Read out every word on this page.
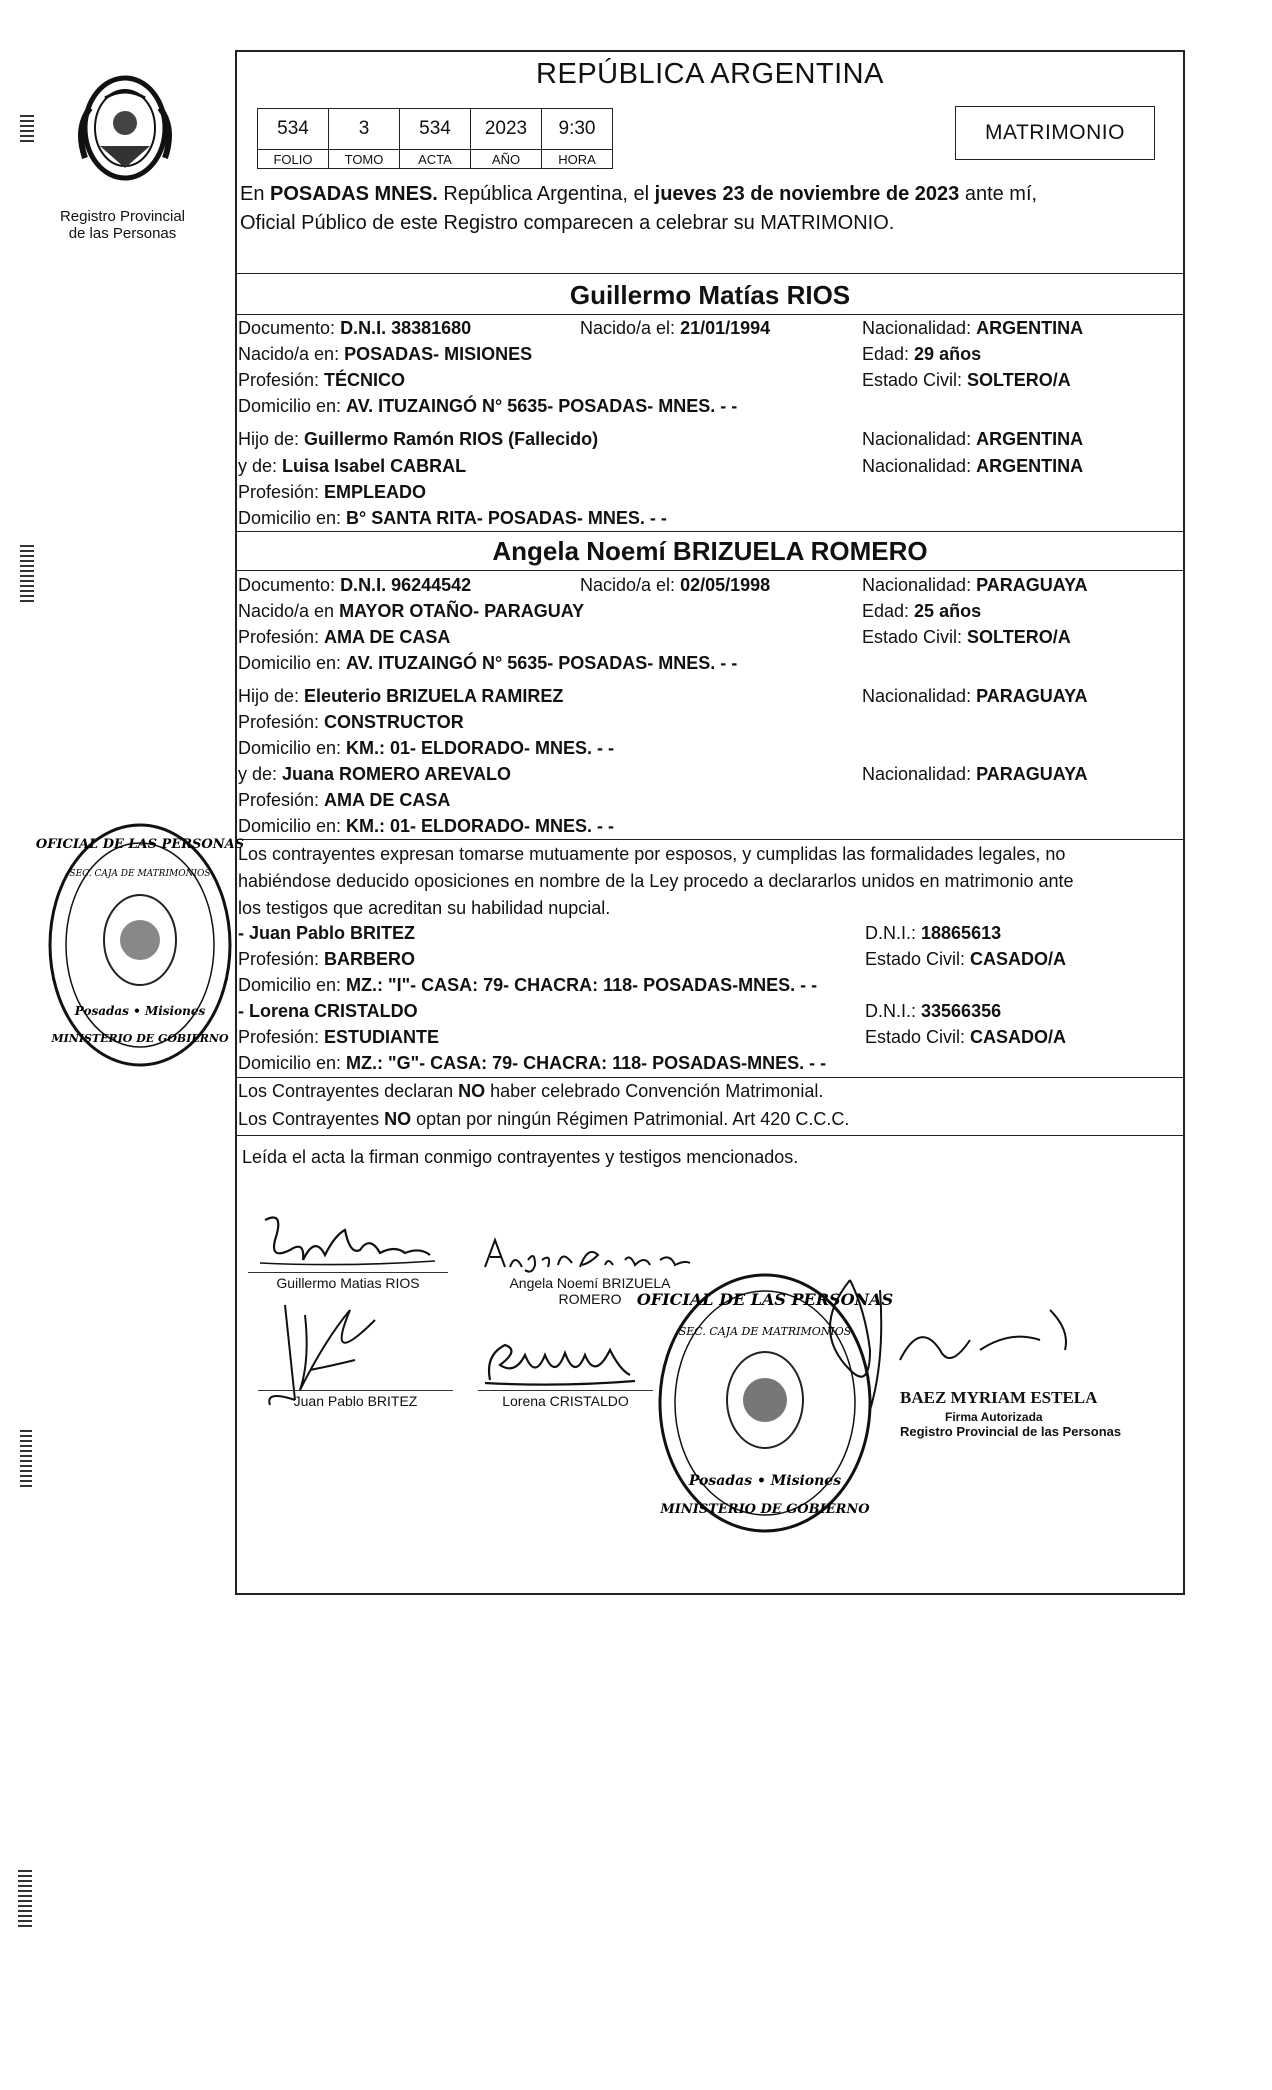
Registro Provincial
de las Personas
REPÚBLICA ARGENTINA
534	3	534	2023	9:30
FOLIO	TOMO	ACTA	AÑO	HORA
MATRIMONIO
En POSADAS MNES. República Argentina, el jueves 23 de noviembre de 2023 ante mí,
Oficial Público de este Registro comparecen a celebrar su MATRIMONIO.
Guillermo Matías RIOS
Documento: D.N.I. 38381680	Nacido/a el: 21/01/1994	Nacionalidad: ARGENTINA
Nacido/a en: POSADAS- MISIONES	Edad: 29 años
Profesión: TÉCNICO	Estado Civil: SOLTERO/A
Domicilio en: AV. ITUZAINGÓ N° 5635- POSADAS- MNES. - -
Hijo de: Guillermo Ramón RIOS (Fallecido)	Nacionalidad: ARGENTINA
y de: Luisa Isabel CABRAL	Nacionalidad: ARGENTINA
Profesión: EMPLEADO
Domicilio en: B° SANTA RITA- POSADAS- MNES. - -
Angela Noemí BRIZUELA ROMERO
Documento: D.N.I. 96244542	Nacido/a el: 02/05/1998	Nacionalidad: PARAGUAYA
Nacido/a en MAYOR OTAÑO- PARAGUAY	Edad: 25 años
Profesión: AMA DE CASA	Estado Civil: SOLTERO/A
Domicilio en: AV. ITUZAINGÓ N° 5635- POSADAS- MNES. - -
Hijo de: Eleuterio BRIZUELA RAMIREZ	Nacionalidad: PARAGUAYA
Profesión: CONSTRUCTOR
Domicilio en: KM.: 01- ELDORADO- MNES. - -
y de: Juana ROMERO AREVALO	Nacionalidad: PARAGUAYA
Profesión: AMA DE CASA
Domicilio en: KM.: 01- ELDORADO- MNES. - -
Los contrayentes expresan tomarse mutuamente por esposos, y cumplidas las formalidades legales, no
habiéndose deducido oposiciones en nombre de la Ley procedo a declararlos unidos en matrimonio ante
los testigos que acreditan su habilidad nupcial.
- Juan Pablo BRITEZ	D.N.I.: 18865613
Profesión: BARBERO	Estado Civil: CASADO/A
Domicilio en: MZ.: "I"- CASA: 79- CHACRA: 118- POSADAS-MNES. - -
- Lorena CRISTALDO	D.N.I.: 33566356
Profesión: ESTUDIANTE	Estado Civil: CASADO/A
Domicilio en: MZ.: "G"- CASA: 79- CHACRA: 118- POSADAS-MNES. - -
Los Contrayentes declaran NO haber celebrado Convención Matrimonial.
Los Contrayentes NO optan por ningún Régimen Patrimonial. Art 420 C.C.C.
Leída el acta la firman conmigo contrayentes y testigos mencionados.
Guillermo Matias RIOS	Angela Noemí BRIZUELA
ROMERO
Juan Pablo BRITEZ	Lorena CRISTALDO
OFICIAL DE LAS PERSONAS
SEC. CAJA DE MATRIMONIOS
Posadas • Misiones
MINISTERIO DE GOBIERNO
BAEZ MYRIAM ESTELA
Firma Autorizada
Registro Provincial de las Personas
OFICIAL DE LAS PERSONAS
SEC. CAJA DE MATRIMONIOS
Posadas • Misiones
MINISTERIO DE GOBIERNO
